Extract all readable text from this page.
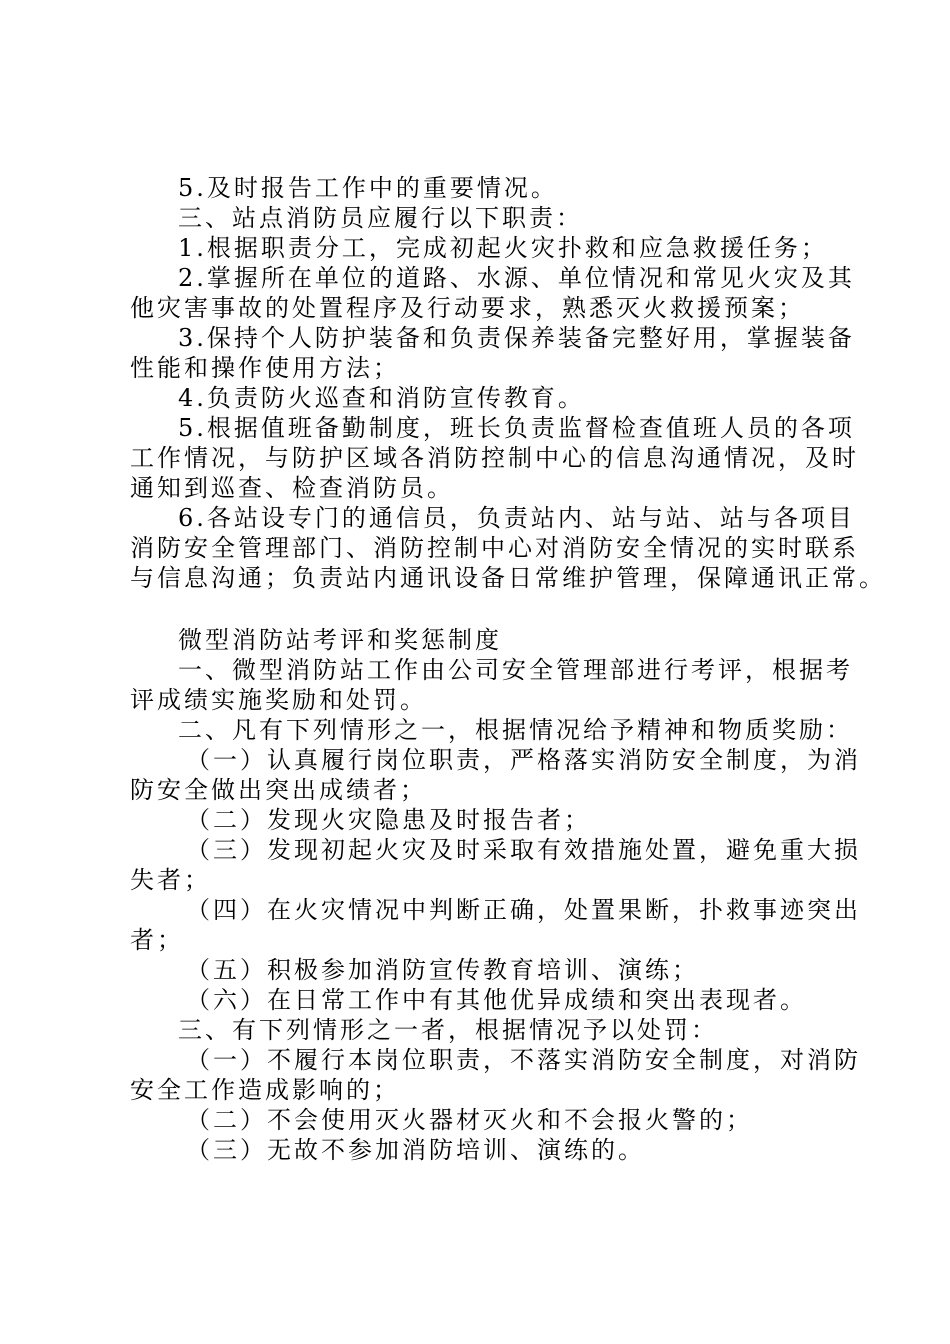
5.及时报告工作中的重要情况。

三、站点消防员应履行以下职责：

1.根据职责分工，完成初起火灾扑救和应急救援任务；

2.掌握所在单位的道路、水源、单位情况和常见火灾及其

他灾害事故的处置程序及行动要求，熟悉灭火救援预案；

3.保持个人防护装备和负责保养装备完整好用，掌握装备

性能和操作使用方法；

4.负责防火巡查和消防宣传教育。

5.根据值班备勤制度，班长负责监督检查值班人员的各项

工作情况，与防护区域各消防控制中心的信息沟通情况，及时

通知到巡查、检查消防员。

6.各站设专门的通信员，负责站内、站与站、站与各项目

消防安全管理部门、消防控制中心对消防安全情况的实时联系

与信息沟通；负责站内通讯设备日常维护管理，保障通讯正常。

微型消防站考评和奖惩制度

一、微型消防站工作由公司安全管理部进行考评，根据考

评成绩实施奖励和处罚。

二、凡有下列情形之一，根据情况给予精神和物质奖励：

（一）认真履行岗位职责，严格落实消防安全制度，为消

防安全做出突出成绩者；

（二）发现火灾隐患及时报告者；

（三）发现初起火灾及时采取有效措施处置，避免重大损

失者；

（四）在火灾情况中判断正确，处置果断，扑救事迹突出

者；

（五）积极参加消防宣传教育培训、演练；

（六）在日常工作中有其他优异成绩和突出表现者。

三、有下列情形之一者，根据情况予以处罚：

（一）不履行本岗位职责，不落实消防安全制度，对消防

安全工作造成影响的；

（二）不会使用灭火器材灭火和不会报火警的；

（三）无故不参加消防培训、演练的。
